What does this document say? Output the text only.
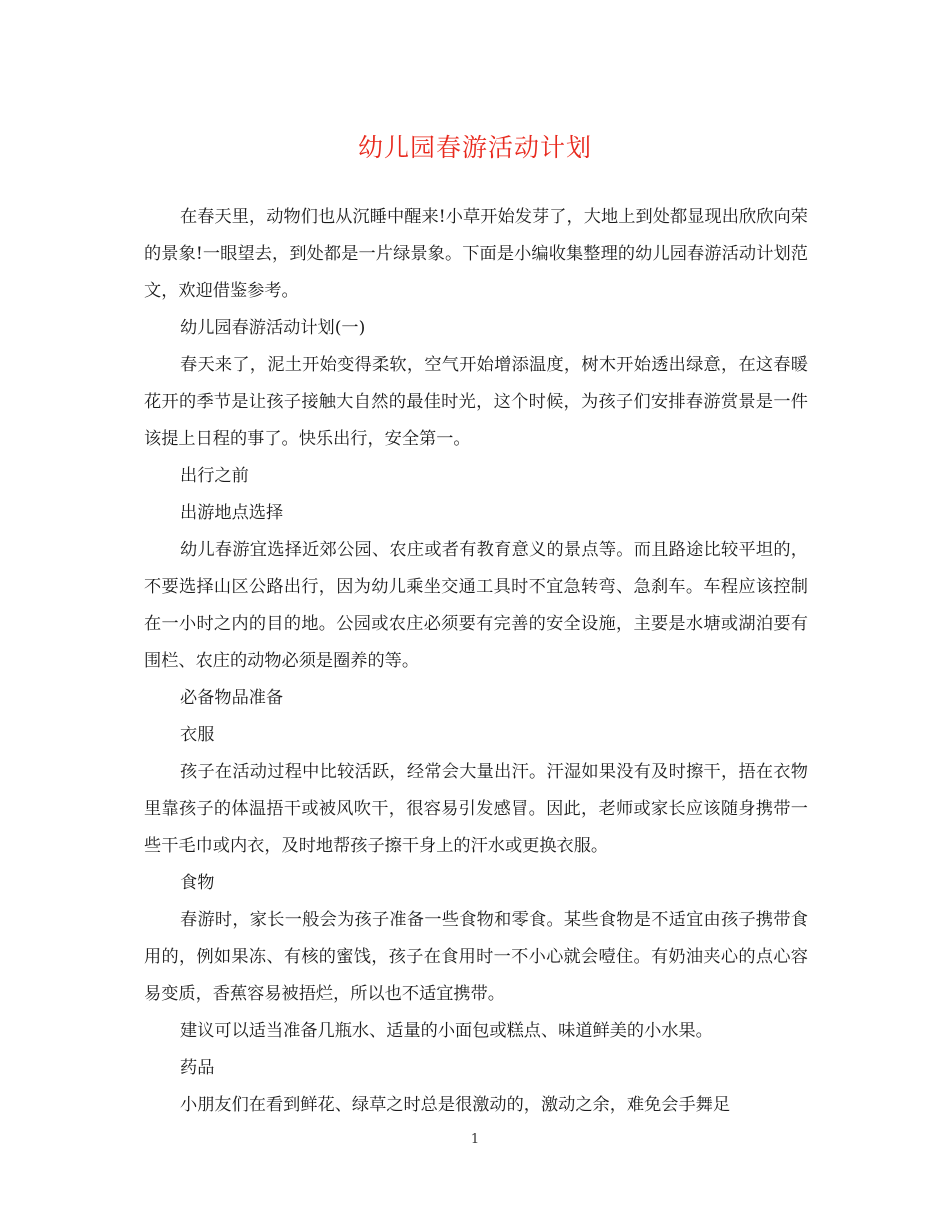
幼儿园春游活动计划

在春天里，动物们也从沉睡中醒来!小草开始发芽了，大地上到处都显现出欣欣向荣的景象!一眼望去，到处都是一片绿景象。下面是小编收集整理的幼儿园春游活动计划范文，欢迎借鉴参考。

幼儿园春游活动计划(一)

春天来了，泥土开始变得柔软，空气开始增添温度，树木开始透出绿意，在这春暖花开的季节是让孩子接触大自然的最佳时光，这个时候，为孩子们安排春游赏景是一件该提上日程的事了。快乐出行，安全第一。

出行之前

出游地点选择

幼儿春游宜选择近郊公园、农庄或者有教育意义的景点等。而且路途比较平坦的，不要选择山区公路出行，因为幼儿乘坐交通工具时不宜急转弯、急刹车。车程应该控制在一小时之内的目的地。公园或农庄必须要有完善的安全设施，主要是水塘或湖泊要有围栏、农庄的动物必须是圈养的等。

必备物品准备

衣服

孩子在活动过程中比较活跃，经常会大量出汗。汗湿如果没有及时擦干，捂在衣物里靠孩子的体温捂干或被风吹干，很容易引发感冒。因此，老师或家长应该随身携带一些干毛巾或内衣，及时地帮孩子擦干身上的汗水或更换衣服。

食物

春游时，家长一般会为孩子准备一些食物和零食。某些食物是不适宜由孩子携带食用的，例如果冻、有核的蜜饯，孩子在食用时一不小心就会噎住。有奶油夹心的点心容易变质，香蕉容易被捂烂，所以也不适宜携带。

建议可以适当准备几瓶水、适量的小面包或糕点、味道鲜美的小水果。

药品

小朋友们在看到鲜花、绿草之时总是很激动的，激动之余，难免会手舞足

1
